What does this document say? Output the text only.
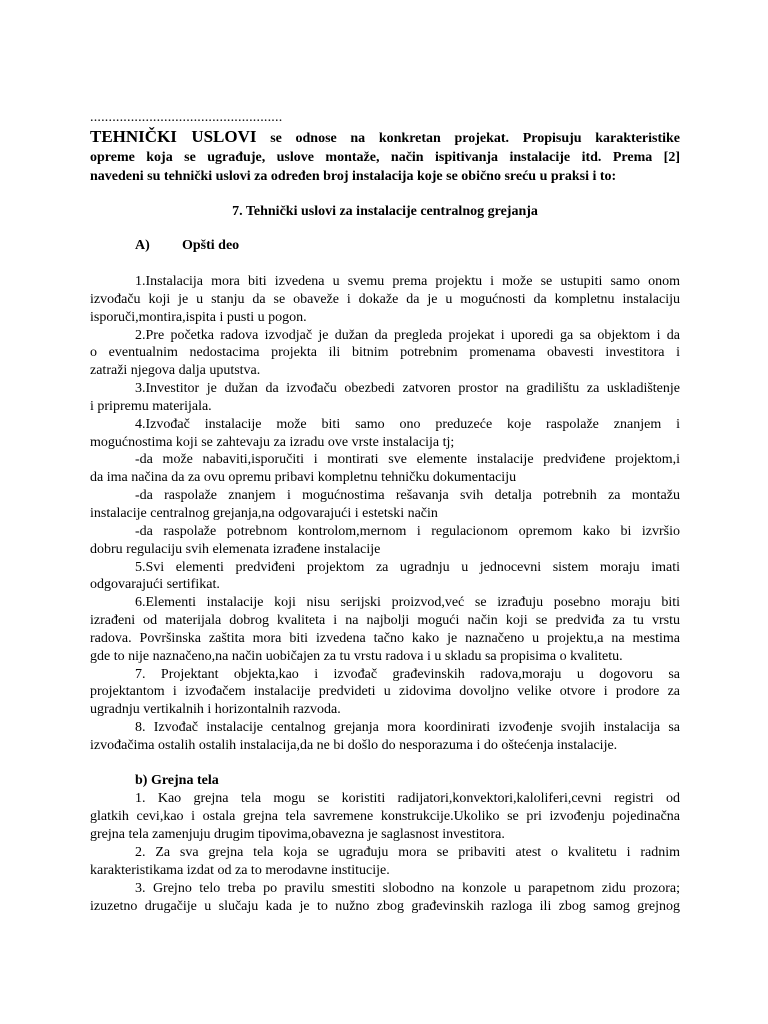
....................................................
TEHNIČKI USLOVI se odnose na konkretan projekat. Propisuju karakteristike
opreme koja se ugrađuje, uslove montaže, način ispitivanja instalacije itd. Prema [2]
navedeni su tehnički uslovi za određen broj instalacija koje se obično sreću u praksi i to:
7. Tehnički uslovi za instalacije centralnog grejanja
A) Opšti deo
1.Instalacija mora biti izvedena u svemu prema projektu i može se ustupiti samo onom
izvođaču koji je u stanju da se obaveže i dokaže da je u mogućnosti da kompletnu instalaciju
isporuči,montira,ispita i pusti u pogon.
2.Pre početka radova izvodjač je dužan da pregleda projekat i uporedi ga sa objektom i da
o eventualnim nedostacima projekta ili bitnim potrebnim promenama obavesti investitora i
zatraži njegova dalja uputstva.
3.Investitor je dužan da izvođaču obezbedi zatvoren prostor na gradilištu za uskladištenje
i pripremu materijala.
4.Izvođač instalacije može biti samo ono preduzeće koje raspolaže znanjem i
mogućnostima koji se zahtevaju za izradu ove vrste instalacija tj;
-da može nabaviti,isporučiti i montirati sve elemente instalacije predviđene projektom,i
da ima načina da za ovu opremu pribavi kompletnu tehničku dokumentaciju
-da raspolaže znanjem i mogućnostima rešavanja svih detalja potrebnih za montažu
instalacije centralnog grejanja,na odgovarajući i estetski način
-da raspolaže potrebnom kontrolom,mernom i regulacionom opremom kako bi izvršio
dobru regulaciju svih elemenata izrađene instalacije
5.Svi elementi predviđeni projektom za ugradnju u jednocevni sistem moraju imati
odgovarajući sertifikat.
6.Elementi instalacije koji nisu serijski proizvod,već se izrađuju posebno moraju biti
izrađeni od materijala dobrog kvaliteta i na najbolji mogući način koji se predviđa za tu vrstu
radova. Površinska zaštita mora biti izvedena tačno kako je naznačeno u projektu,a na mestima
gde to nije naznačeno,na način uobičajen za tu vrstu radova i u skladu sa propisima o kvalitetu.
7. Projektant objekta,kao i izvođač građevinskih radova,moraju u dogovoru sa
projektantom i izvođačem instalacije predvideti u zidovima dovoljno velike otvore i prodore za
ugradnju vertikalnih i horizontalnih razvoda.
8. Izvođač instalacije centalnog grejanja mora koordinirati izvođenje svojih instalacija sa
izvođačima ostalih ostalih instalacija,da ne bi došlo do nesporazuma i do oštećenja instalacije.
b) Grejna tela
1. Kao grejna tela mogu se koristiti radijatori,konvektori,kaloliferi,cevni registri od
glatkih cevi,kao i ostala grejna tela savremene konstrukcije.Ukoliko se pri izvođenju pojedinačna
grejna tela zamenjuju drugim tipovima,obavezna je saglasnost investitora.
2. Za sva grejna tela koja se ugrađuju mora se pribaviti atest o kvalitetu i radnim
karakteristikama izdat od za to merodavne institucije.
3. Grejno telo treba po pravilu smestiti slobodno na konzole u parapetnom zidu prozora;
izuzetno drugačije u slučaju kada je to nužno zbog građevinskih razloga ili zbog samog grejnog
